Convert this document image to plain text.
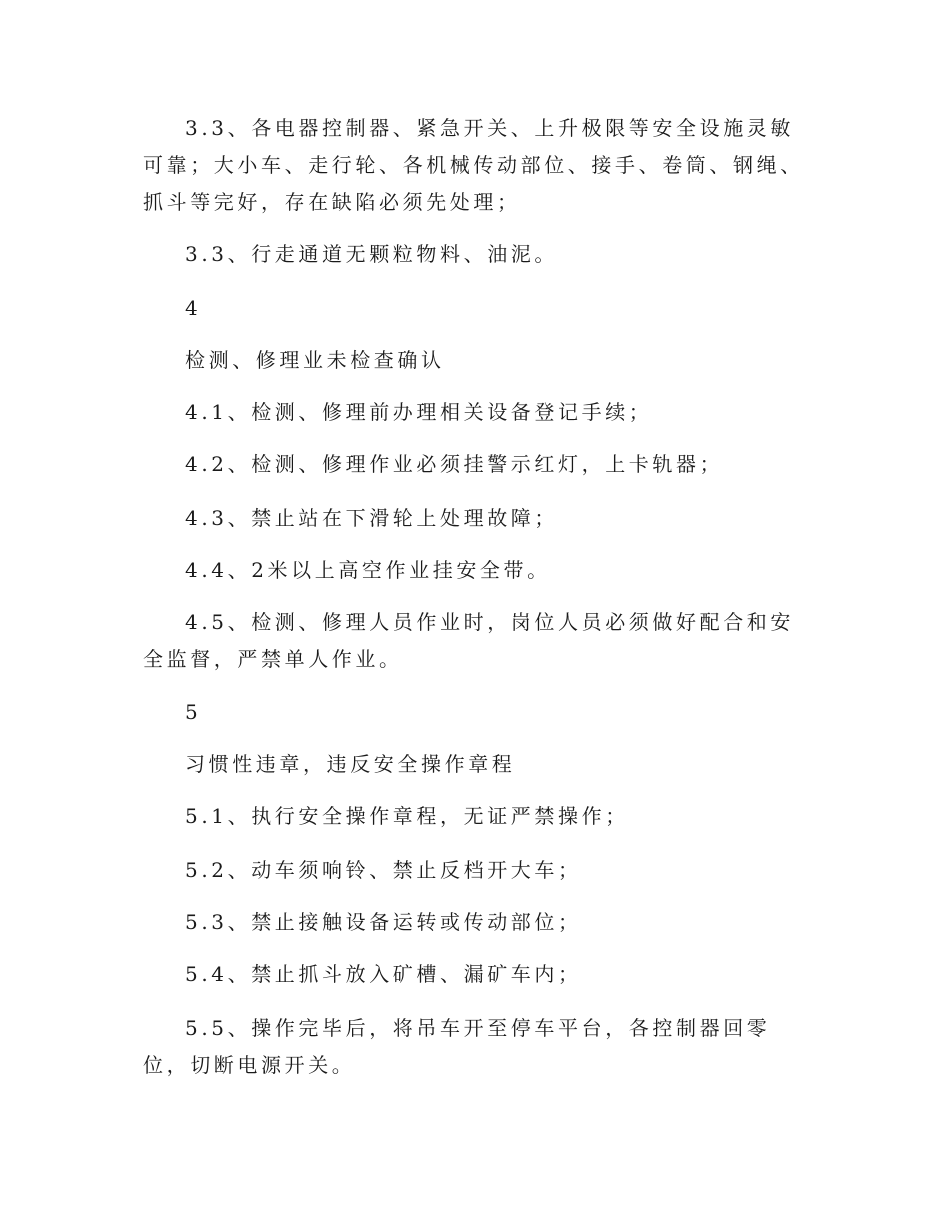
3.3、各电器控制器、紧急开关、上升极限等安全设施灵敏可靠；大小车、走行轮、各机械传动部位、接手、卷筒、钢绳、抓斗等完好，存在缺陷必须先处理；

3.3、行走通道无颗粒物料、油泥。

4

检测、修理业未检查确认

4.1、检测、修理前办理相关设备登记手续；

4.2、检测、修理作业必须挂警示红灯，上卡轨器；

4.3、禁止站在下滑轮上处理故障；

4.4、2米以上高空作业挂安全带。

4.5、检测、修理人员作业时，岗位人员必须做好配合和安全监督，严禁单人作业。

5

习惯性违章，违反安全操作章程

5.1、执行安全操作章程，无证严禁操作；

5.2、动车须响铃、禁止反档开大车；

5.3、禁止接触设备运转或传动部位；

5.4、禁止抓斗放入矿槽、漏矿车内；

5.5、操作完毕后，将吊车开至停车平台，各控制器回零位，切断电源开关。
